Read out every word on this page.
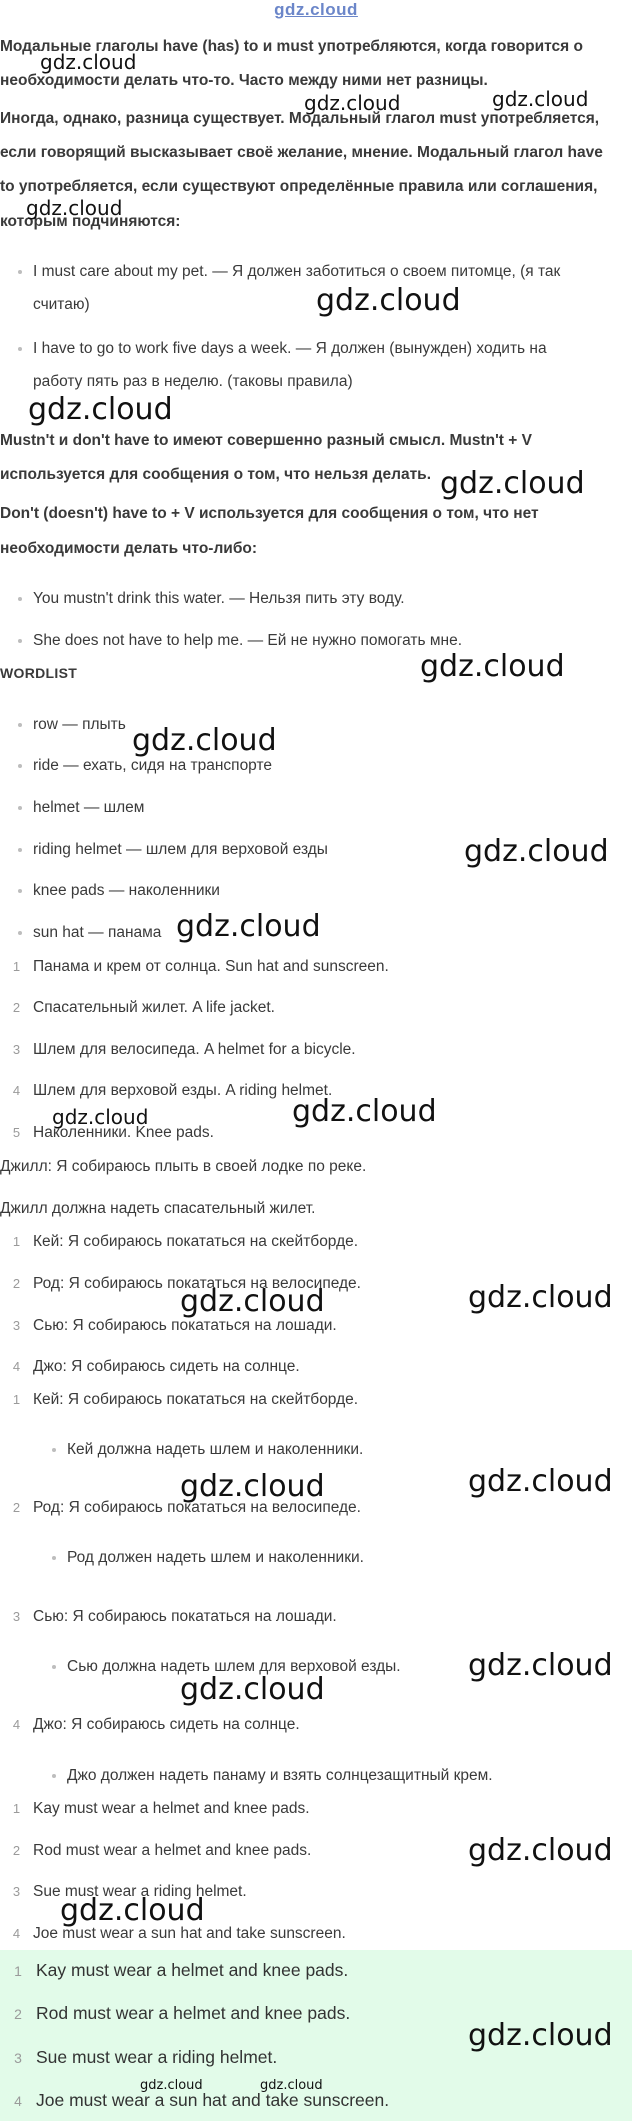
gdz.cloud
Модальные глаголы have (has) to и must употребляются, когда говорится о
необходимости делать что-то. Часто между ними нет разницы.
Иногда, однако, разница существует. Модальный глагол must употребляется,
если говорящий высказывает своё желание, мнение. Модальный глагол have
to употребляется, если существуют определённые правила или соглашения,
которым подчиняются:
I must care about my pet. — Я должен заботиться о своем питомце, (я так
считаю)
I have to go to work five days a week. — Я должен (вынужден) ходить на
работу пять раз в неделю. (таковы правила)
Mustn't и don't have to имеют совершенно разный смысл. Mustn't + V
используется для сообщения о том, что нельзя делать.
Don't (doesn't) have to + V используется для сообщения о том, что нет
необходимости делать что-либо:
You mustn't drink this water. — Нельзя пить эту воду.
She does not have to help me. — Ей не нужно помогать мне.
WORDLIST
row — плыть
ride — ехать, сидя на транспорте
helmet — шлем
riding helmet — шлем для верховой езды
knee pads — наколенники
sun hat — панама
1 Панама и крем от солнца. Sun hat and sunscreen.
2 Спасательный жилет. A life jacket.
3 Шлем для велосипеда. A helmet for a bicycle.
4 Шлем для верховой езды. A riding helmet.
5 Наколенники. Knee pads.
Джилл: Я собираюсь плыть в своей лодке по реке.
Джилл должна надеть спасательный жилет.
1 Кей: Я собираюсь покататься на скейтборде.
2 Род: Я собираюсь покататься на велосипеде.
3 Сью: Я собираюсь покататься на лошади.
4 Джо: Я собираюсь сидеть на солнце.
1 Кей: Я собираюсь покататься на скейтборде.
Кей должна надеть шлем и наколенники.
2 Род: Я собираюсь покататься на велосипеде.
Род должен надеть шлем и наколенники.
3 Сью: Я собираюсь покататься на лошади.
Сью должна надеть шлем для верховой езды.
4 Джо: Я собираюсь сидеть на солнце.
Джо должен надеть панаму и взять солнцезащитный крем.
1 Kay must wear a helmet and knee pads.
2 Rod must wear a helmet and knee pads.
3 Sue must wear a riding helmet.
4 Joe must wear a sun hat and take sunscreen.
1 Kay must wear a helmet and knee pads.
2 Rod must wear a helmet and knee pads.
3 Sue must wear a riding helmet.
4 Joe must wear a sun hat and take sunscreen.
gdz.cloud
gdz.cloud	gdz.cloud
gdz.cloud
gdz.cloud
gdz.cloud
gdz.cloud
gdz.cloud
gdz.cloud
gdz.cloud
gdz.cloud
gdz.cloud	gdz.cloud
gdz.cloud	gdz.cloud
gdz.cloud	gdz.cloud
gdz.cloud
gdz.cloud
gdz.cloud
gdz.cloud
gdz.cloud
gdz.cloud	gdz.cloud
